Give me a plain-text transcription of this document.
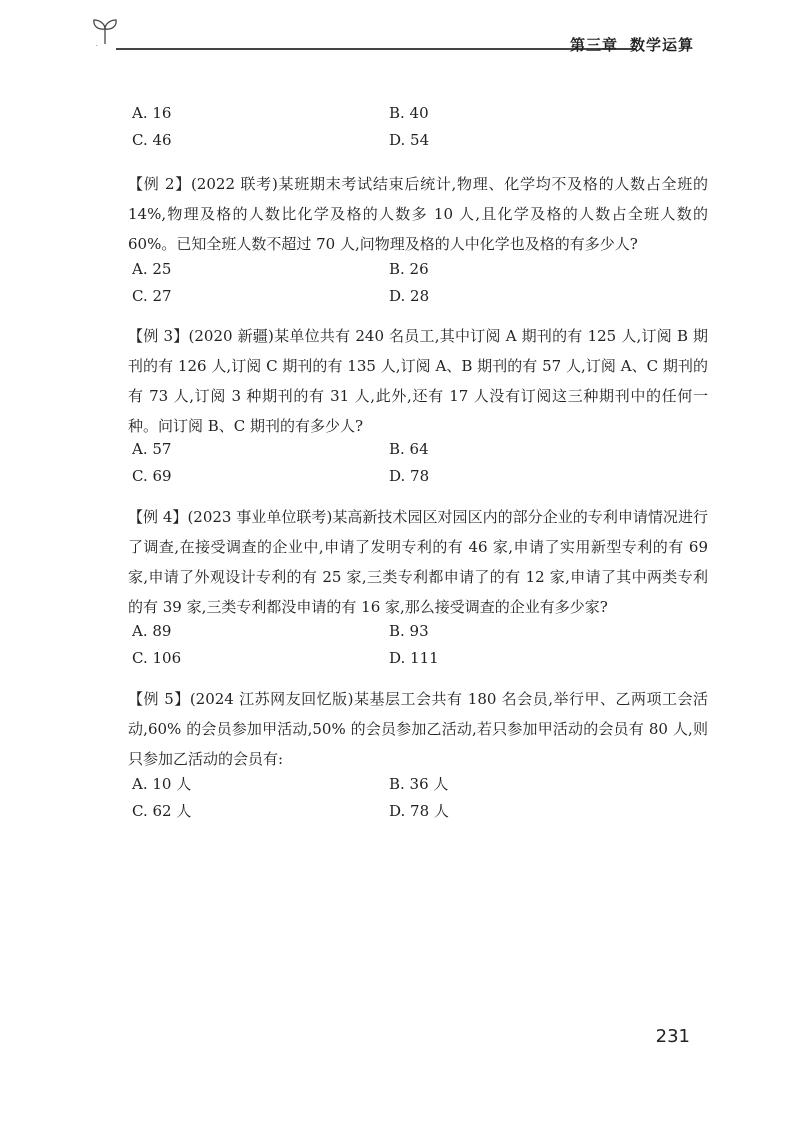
第三章 数学运算
A. 16	B. 40
C. 46	D. 54

【例 2】(2022 联考)某班期末考试结束后统计,物理、化学均不及格的人数占全班的 14%,物理及格的人数比化学及格的人数多 10 人,且化学及格的人数占全班人数的 60%。已知全班人数不超过 70 人,问物理及格的人中化学也及格的有多少人?

A. 25	B. 26
C. 27	D. 28

【例 3】(2020 新疆)某单位共有 240 名员工,其中订阅 A 期刊的有 125 人,订阅 B 期刊的有 126 人,订阅 C 期刊的有 135 人,订阅 A、B 期刊的有 57 人,订阅 A、C 期刊的有 73 人,订阅 3 种期刊的有 31 人,此外,还有 17 人没有订阅这三种期刊中的任何一种。问订阅 B、C 期刊的有多少人?

A. 57	B. 64
C. 69	D. 78

【例 4】(2023 事业单位联考)某高新技术园区对园区内的部分企业的专利申请情况进行了调查,在接受调查的企业中,申请了发明专利的有 46 家,申请了实用新型专利的有 69 家,申请了外观设计专利的有 25 家,三类专利都申请了的有 12 家,申请了其中两类专利的有 39 家,三类专利都没申请的有 16 家,那么接受调查的企业有多少家?

A. 89	B. 93
C. 106	D. 111

【例 5】(2024 江苏网友回忆版)某基层工会共有 180 名会员,举行甲、乙两项工会活动,60% 的会员参加甲活动,50% 的会员参加乙活动,若只参加甲活动的会员有 80 人,则只参加乙活动的会员有:

A. 10 人	B. 36 人
C. 62 人	D. 78 人
231
